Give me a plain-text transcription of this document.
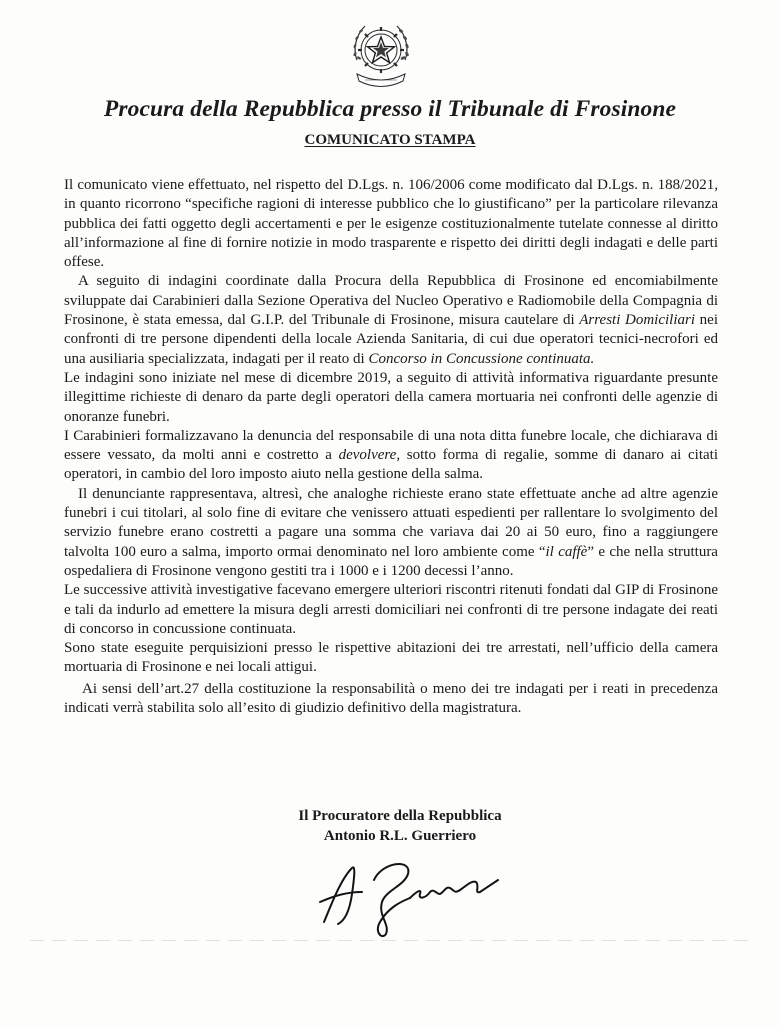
Procura della Repubblica presso il Tribunale di Frosinone
COMUNICATO STAMPA

Il comunicato viene effettuato, nel rispetto del D.Lgs. n. 106/2006 come modificato dal D.Lgs. n. 188/2021, in quanto ricorrono “specifiche ragioni di interesse pubblico che lo giustificano” per la particolare rilevanza pubblica dei fatti oggetto degli accertamenti e per le esigenze costituzionalmente tutelate connesse al diritto all’informazione al fine di fornire notizie in modo trasparente e rispetto dei diritti degli indagati e delle parti offese.

A seguito di indagini coordinate dalla Procura della Repubblica di Frosinone ed encomiabilmente sviluppate dai Carabinieri dalla Sezione Operativa del Nucleo Operativo e Radiomobile della Compagnia di Frosinone, è stata emessa, dal G.I.P. del Tribunale di Frosinone, misura cautelare di Arresti Domiciliari nei confronti di tre persone dipendenti della locale Azienda Sanitaria, di cui due operatori tecnici-necrofori ed una ausiliaria specializzata, indagati per il reato di Concorso in Concussione continuata.

Le indagini sono iniziate nel mese di dicembre 2019, a seguito di attività informativa riguardante presunte illegittime richieste di denaro da parte degli operatori della camera mortuaria nei confronti delle agenzie di onoranze funebri.

I Carabinieri formalizzavano la denuncia del responsabile di una nota ditta funebre locale, che dichiarava di essere vessato, da molti anni e costretto a devolvere, sotto forma di regalie, somme di danaro ai citati operatori, in cambio del loro imposto aiuto nella gestione della salma.

Il denunciante rappresentava, altresì, che analoghe richieste erano state effettuate anche ad altre agenzie funebri i cui titolari, al solo fine di evitare che venissero attuati espedienti per rallentare lo svolgimento del servizio funebre erano costretti a pagare una somma che variava dai 20 ai 50 euro, fino a raggiungere talvolta 100 euro a salma, importo ormai denominato nel loro ambiente come “il caffè” e che nella struttura ospedaliera di Frosinone vengono gestiti tra i 1000 e i 1200 decessi l’anno.

Le successive attività investigative facevano emergere ulteriori riscontri ritenuti fondati dal GIP di Frosinone e tali da indurlo ad emettere la misura degli arresti domiciliari nei confronti di tre persone indagate dei reati di concorso in concussione continuata.

Sono state eseguite perquisizioni presso le rispettive abitazioni dei tre arrestati, nell’ufficio della camera mortuaria di Frosinone e nei locali attigui.

Ai sensi dell’art.27 della costituzione la responsabilità o meno dei tre indagati per i reati in precedenza indicati verrà stabilita solo all’esito di giudizio definitivo della magistratura.

Il Procuratore della Repubblica
Antonio R.L. Guerriero
